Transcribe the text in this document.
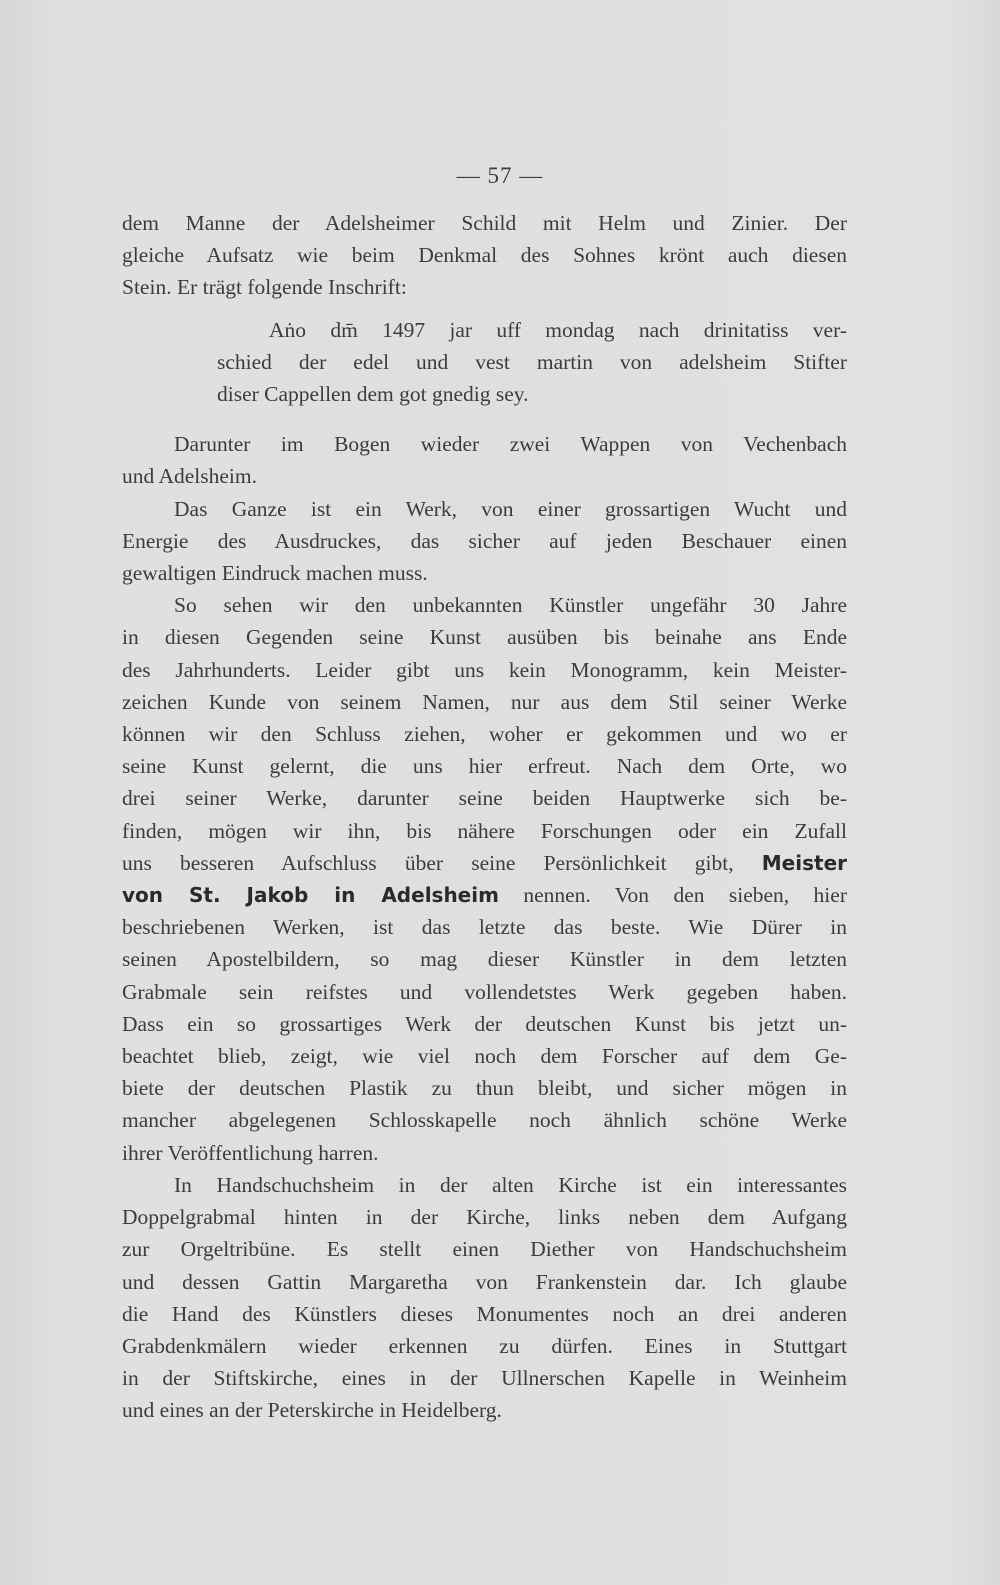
— 57 —

dem Manne der Adelsheimer Schild mit Helm und Zinier. Der
gleiche Aufsatz wie beim Denkmal des Sohnes krönt auch diesen
Stein. Er trägt folgende Inschrift:

Aṅo dm̄ 1497 jar uff mondag nach drinitatiss ver-
schied der edel und vest martin von adelsheim Stifter
diser Cappellen dem got gnedig sey.

Darunter im Bogen wieder zwei Wappen von Vechenbach
und Adelsheim.

Das Ganze ist ein Werk, von einer grossartigen Wucht und
Energie des Ausdruckes, das sicher auf jeden Beschauer einen
gewaltigen Eindruck machen muss.

So sehen wir den unbekannten Künstler ungefähr 30 Jahre
in diesen Gegenden seine Kunst ausüben bis beinahe ans Ende
des Jahrhunderts. Leider gibt uns kein Monogramm, kein Meister-
zeichen Kunde von seinem Namen, nur aus dem Stil seiner Werke
können wir den Schluss ziehen, woher er gekommen und wo er
seine Kunst gelernt, die uns hier erfreut. Nach dem Orte, wo
drei seiner Werke, darunter seine beiden Hauptwerke sich be-
finden, mögen wir ihn, bis nähere Forschungen oder ein Zufall
uns besseren Aufschluss über seine Persönlichkeit gibt, Meister
von St. Jakob in Adelsheim nennen. Von den sieben, hier
beschriebenen Werken, ist das letzte das beste. Wie Dürer in
seinen Apostelbildern, so mag dieser Künstler in dem letzten
Grabmale sein reifstes und vollendetstes Werk gegeben haben.
Dass ein so grossartiges Werk der deutschen Kunst bis jetzt un-
beachtet blieb, zeigt, wie viel noch dem Forscher auf dem Ge-
biete der deutschen Plastik zu thun bleibt, und sicher mögen in
mancher abgelegenen Schlosskapelle noch ähnlich schöne Werke
ihrer Veröffentlichung harren.

In Handschuchsheim in der alten Kirche ist ein interessantes
Doppelgrabmal hinten in der Kirche, links neben dem Aufgang
zur Orgeltribüne. Es stellt einen Diether von Handschuchsheim
und dessen Gattin Margaretha von Frankenstein dar. Ich glaube
die Hand des Künstlers dieses Monumentes noch an drei anderen
Grabdenkmälern wieder erkennen zu dürfen. Eines in Stuttgart
in der Stiftskirche, eines in der Ullnerschen Kapelle in Weinheim
und eines an der Peterskirche in Heidelberg.
